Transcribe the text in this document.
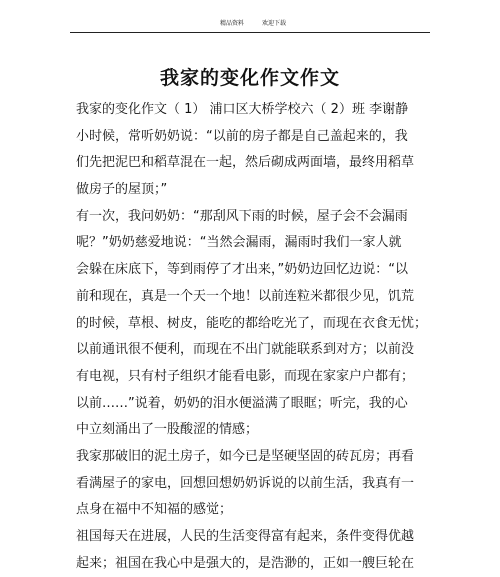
精品资料	欢迎下载
我家的变化作文作文
我家的变化作文（ 1） 浦口区大桥学校六（ 2）班 李谢静
小时候，常听奶奶说：“以前的房子都是自己盖起来的，我
们先把泥巴和稻草混在一起，然后砌成两面墙，最终用稻草
做房子的屋顶；”
有一次，我问奶奶：“那刮风下雨的时候，屋子会不会漏雨
呢？”奶奶慈爱地说：“当然会漏雨，漏雨时我们一家人就
会躲在床底下，等到雨停了才出来，”奶奶边回忆边说：“以
前和现在，真是一个天一个地！以前连粒米都很少见，饥荒
的时候，草根、树皮，能吃的都给吃光了，而现在衣食无忧；
以前通讯很不便利，而现在不出门就能联系到对方；以前没
有电视，只有村子组织才能看电影，而现在家家户户都有；
以前……”说着，奶奶的泪水便溢满了眼眶；听完，我的心
中立刻涌出了一股酸涩的情感；
我家那破旧的泥土房子，如今已是坚硬坚固的砖瓦房；再看
看满屋子的家电，回想回想奶奶诉说的以前生活，我真有一
点身在福中不知福的感觉；
祖国每天在进展，人民的生活变得富有起来，条件变得优越
起来；祖国在我心中是强大的，是浩渺的，正如一艘巨轮在
